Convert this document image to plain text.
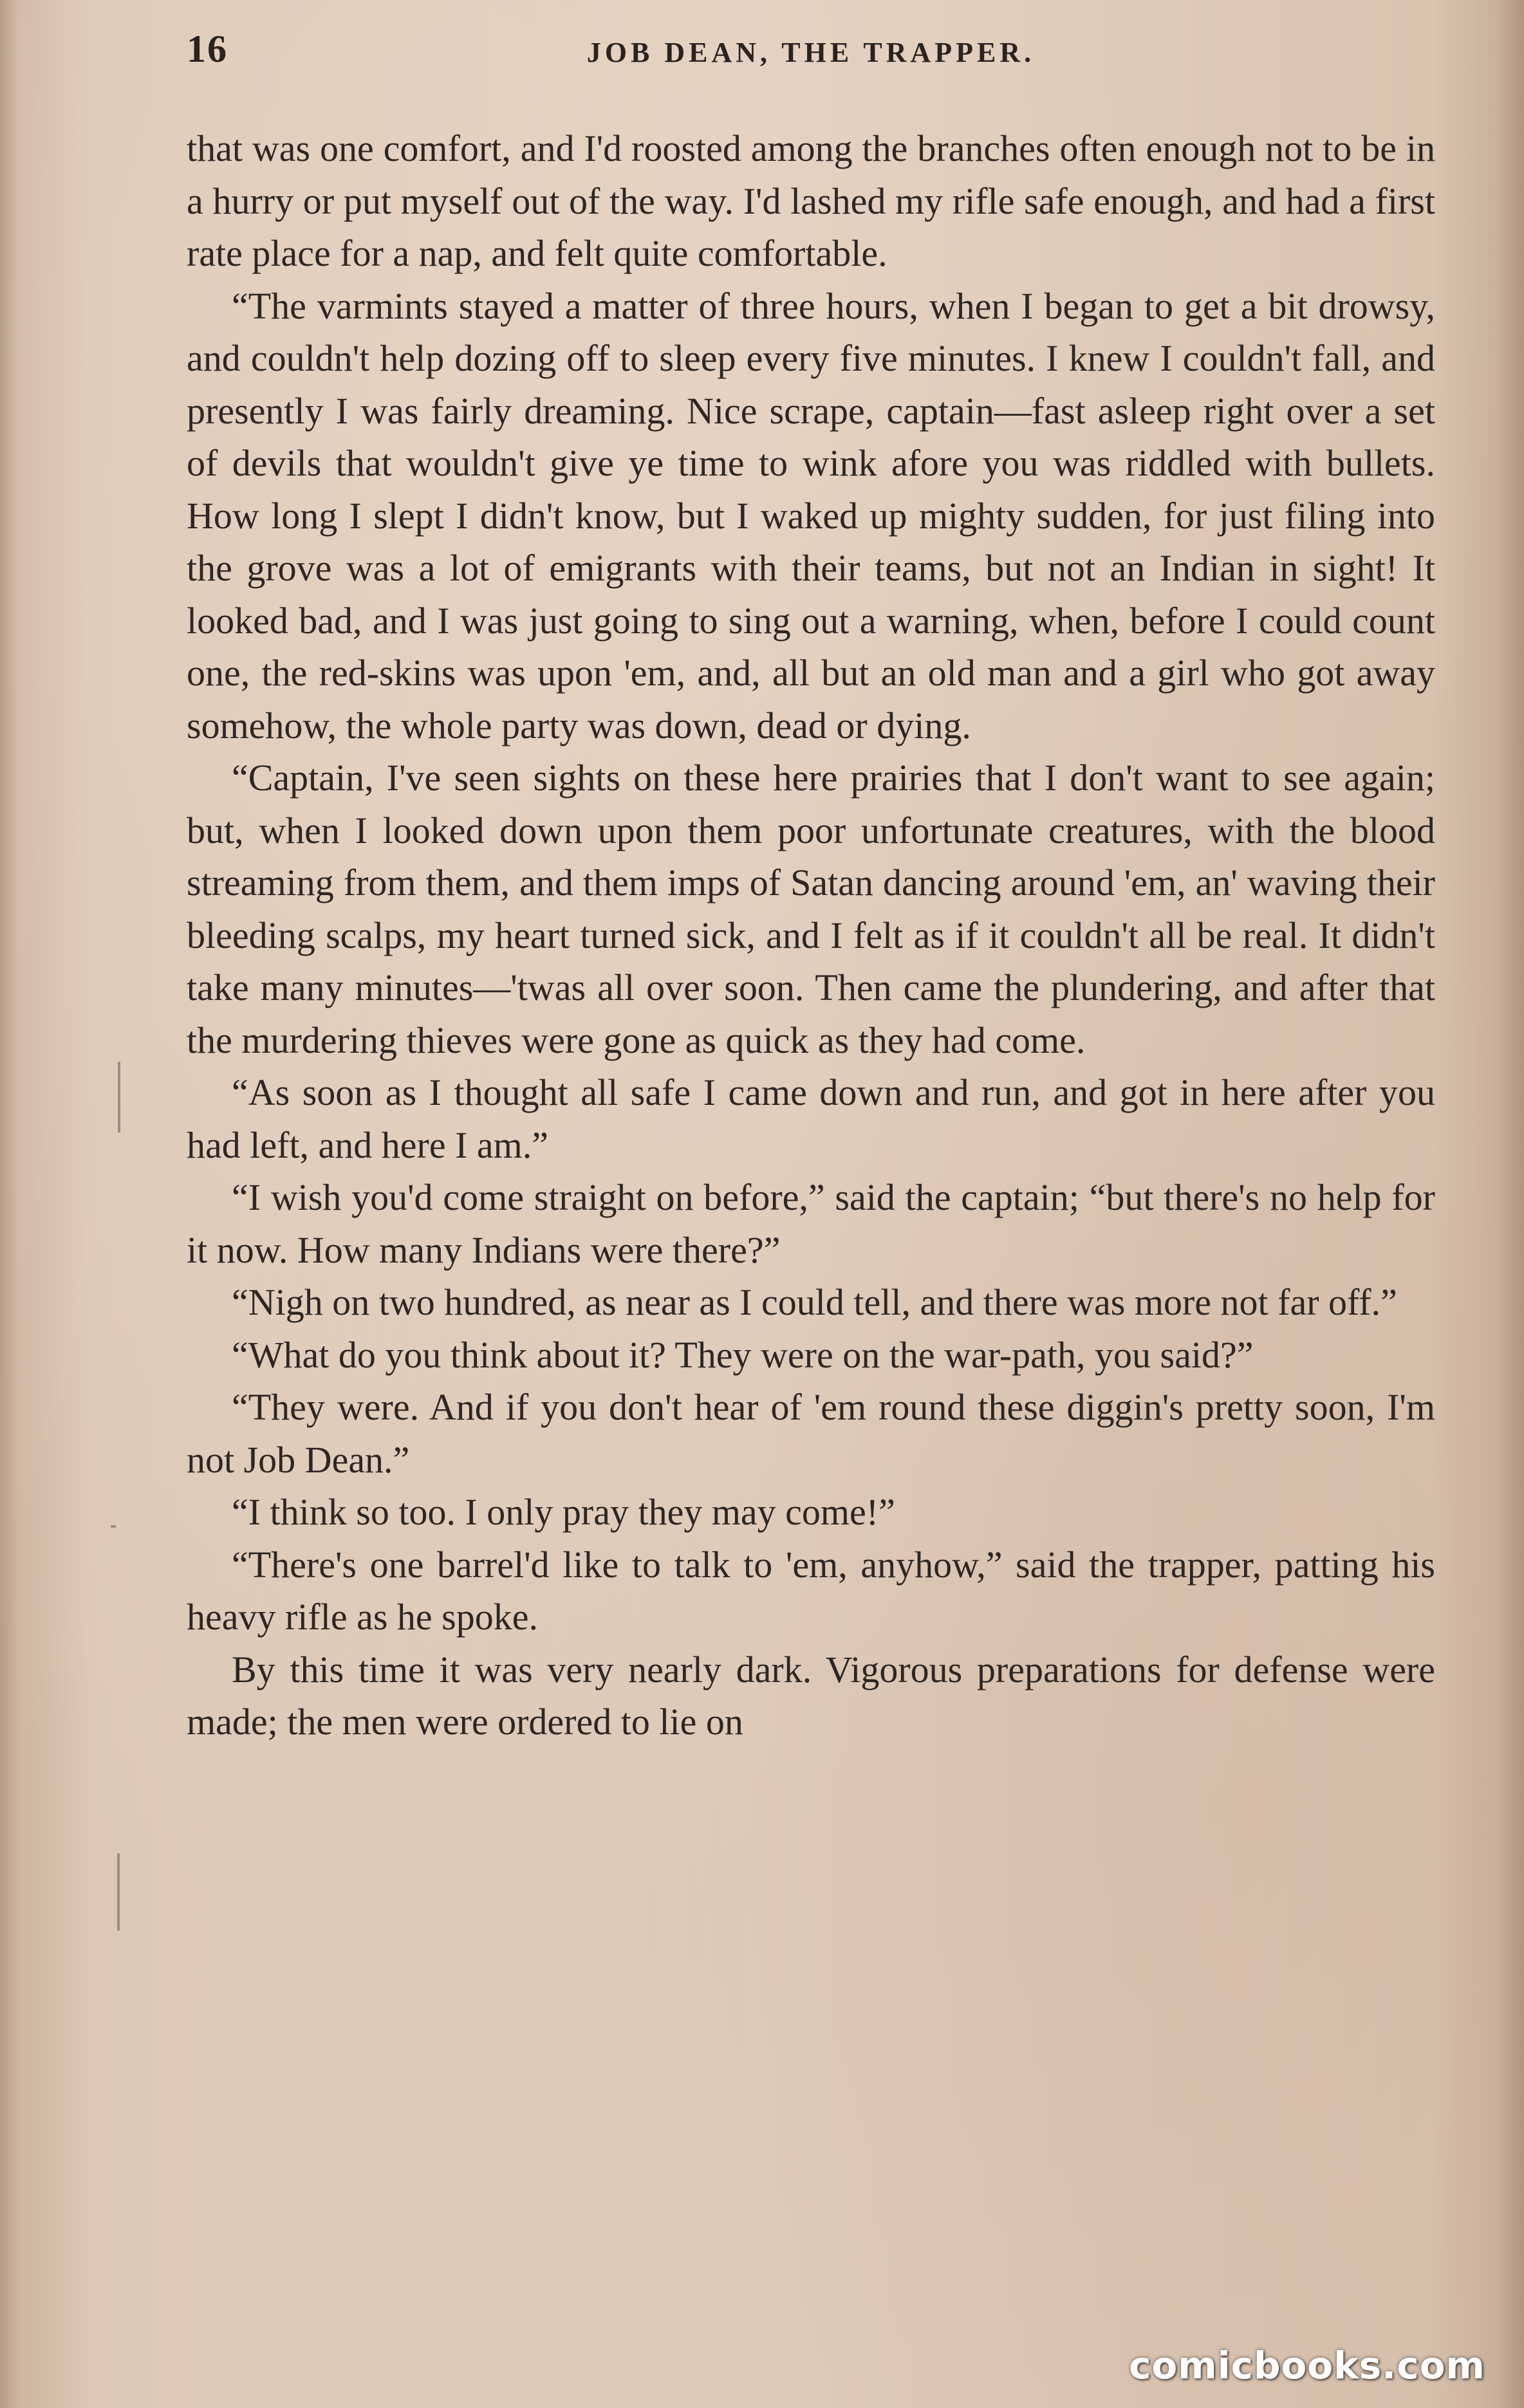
16	JOB DEAN, THE TRAPPER.

that was one comfort, and I'd roosted among the branches often enough not to be in a hurry or put myself out of the way. I'd lashed my rifle safe enough, and had a first rate place for a nap, and felt quite comfortable.

“The varmints stayed a matter of three hours, when I began to get a bit drowsy, and couldn't help dozing off to sleep every five minutes. I knew I couldn't fall, and presently I was fairly dreaming. Nice scrape, captain—fast asleep right over a set of devils that wouldn't give ye time to wink afore you was riddled with bullets. How long I slept I didn't know, but I waked up mighty sudden, for just filing into the grove was a lot of emigrants with their teams, but not an Indian in sight! It looked bad, and I was just going to sing out a warning, when, before I could count one, the red-skins was upon 'em, and, all but an old man and a girl who got away somehow, the whole party was down, dead or dying.

“Captain, I've seen sights on these here prairies that I don't want to see again; but, when I looked down upon them poor unfortunate creatures, with the blood streaming from them, and them imps of Satan dancing around 'em, an' waving their bleeding scalps, my heart turned sick, and I felt as if it couldn't all be real. It didn't take many minutes—'twas all over soon. Then came the plundering, and after that the murdering thieves were gone as quick as they had come.

“As soon as I thought all safe I came down and run, and got in here after you had left, and here I am.”

“I wish you'd come straight on before,” said the captain; “but there's no help for it now. How many Indians were there?”

“Nigh on two hundred, as near as I could tell, and there was more not far off.”

“What do you think about it? They were on the war-path, you said?”

“They were. And if you don't hear of 'em round these diggin's pretty soon, I'm not Job Dean.”

“I think so too. I only pray they may come!”

“There's one barrel'd like to talk to 'em, anyhow,” said the trapper, patting his heavy rifle as he spoke.

By this time it was very nearly dark. Vigorous preparations for defense were made; the men were ordered to lie on

comicbooks.com
